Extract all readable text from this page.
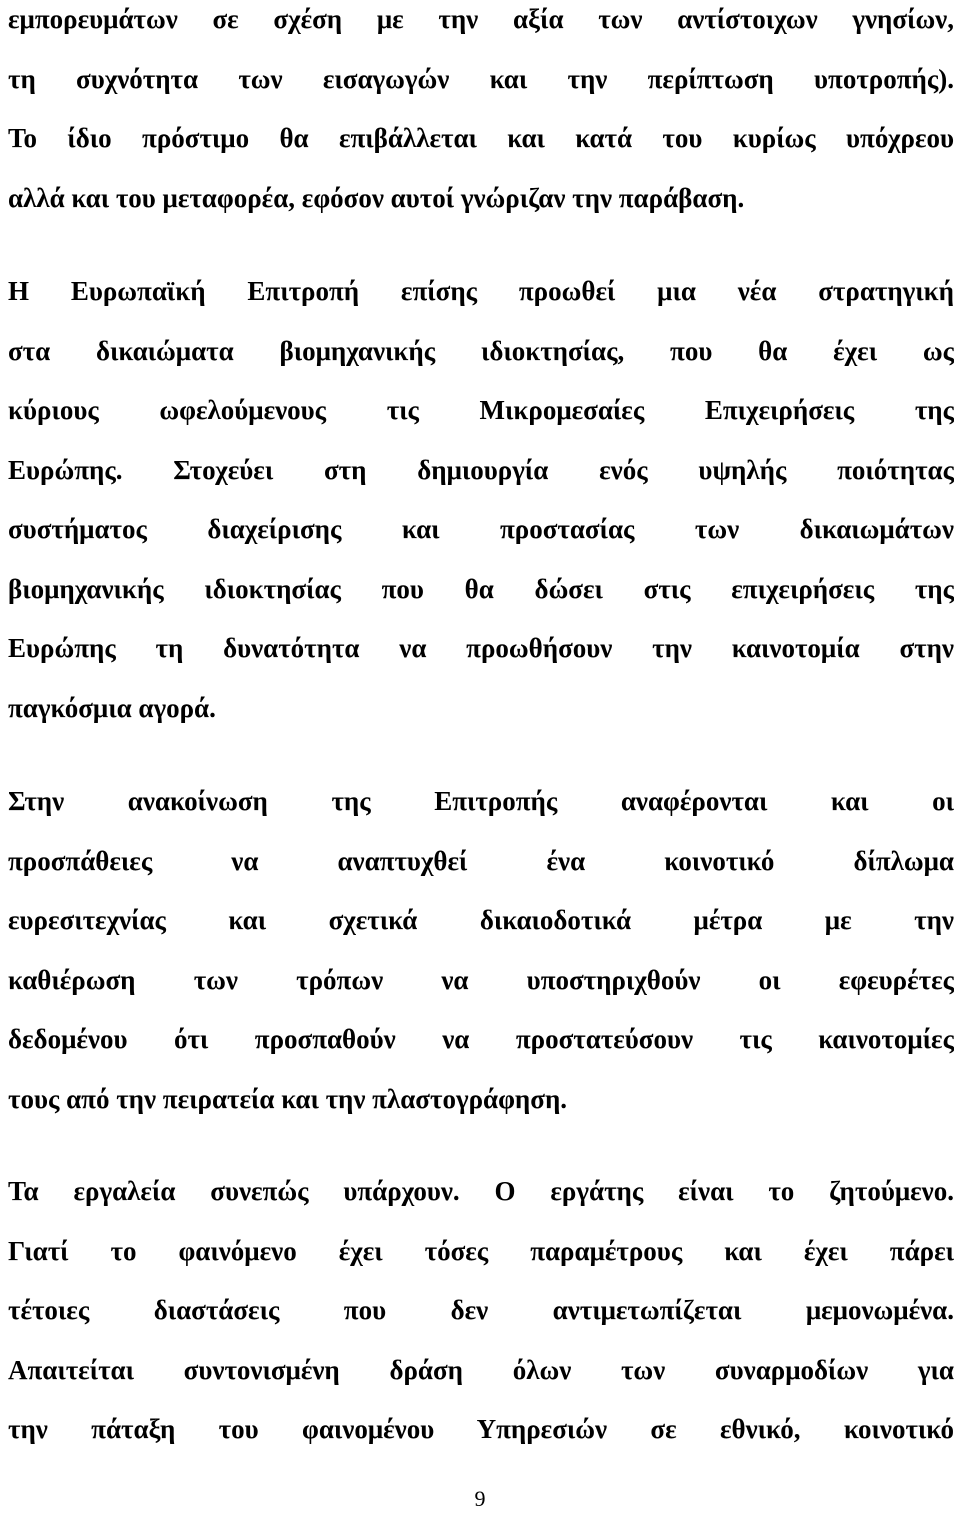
εμπορευμάτων σε σχέση με την αξία των αντίστοιχων γνησίων,
τη συχνότητα των εισαγωγών και την περίπτωση υποτροπής).
Το ίδιο πρόστιμο θα επιβάλλεται και κατά του κυρίως υπόχρεου
αλλά και του μεταφορέα, εφόσον αυτοί γνώριζαν την παράβαση.
Η Ευρωπαϊκή Επιτροπή επίσης προωθεί μια νέα στρατηγική
στα δικαιώματα βιομηχανικής ιδιοκτησίας, που θα έχει ως
κύριους ωφελούμενους τις Μικρομεσαίες Επιχειρήσεις της
Ευρώπης. Στοχεύει στη δημιουργία ενός υψηλής ποιότητας
συστήματος διαχείρισης και προστασίας των δικαιωμάτων
βιομηχανικής ιδιοκτησίας που θα δώσει στις επιχειρήσεις της
Ευρώπης τη δυνατότητα να προωθήσουν την καινοτομία στην
παγκόσμια αγορά.
Στην ανακοίνωση της Επιτροπής αναφέρονται και οι
προσπάθειες να αναπτυχθεί ένα κοινοτικό δίπλωμα
ευρεσιτεχνίας και σχετικά δικαιοδοτικά μέτρα με την
καθιέρωση των τρόπων να υποστηριχθούν οι εφευρέτες
δεδομένου ότι προσπαθούν να προστατεύσουν τις καινοτομίες
τους από την πειρατεία και την πλαστογράφηση.
Τα εργαλεία συνεπώς υπάρχουν. Ο εργάτης είναι το ζητούμενο.
Γιατί το φαινόμενο έχει τόσες παραμέτρους και έχει πάρει
τέτοιες διαστάσεις που δεν αντιμετωπίζεται μεμονωμένα.
Απαιτείται συντονισμένη δράση όλων των συναρμοδίων για
την πάταξη του φαινομένου Υπηρεσιών σε εθνικό, κοινοτικό
9
